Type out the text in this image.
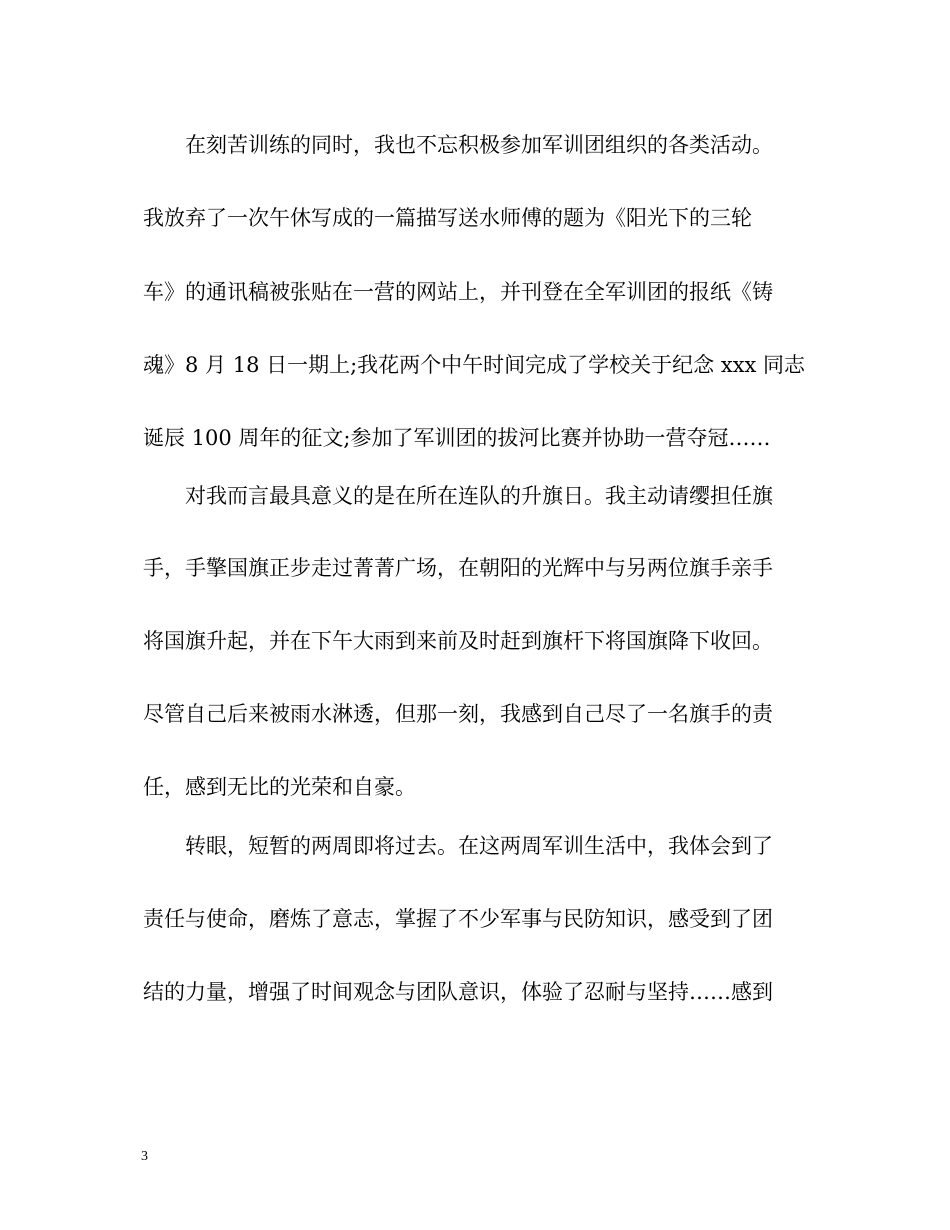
在刻苦训练的同时，我也不忘积极参加军训团组织的各类活动。
我放弃了一次午休写成的一篇描写送水师傅的题为《阳光下的三轮
车》的通讯稿被张贴在一营的网站上，并刊登在全军训团的报纸《铸
魂》8 月 18 日一期上;我花两个中午时间完成了学校关于纪念 xxx 同志
诞辰 100 周年的征文;参加了军训团的拔河比赛并协助一营夺冠……
对我而言最具意义的是在所在连队的升旗日。我主动请缨担任旗
手，手擎国旗正步走过菁菁广场，在朝阳的光辉中与另两位旗手亲手
将国旗升起，并在下午大雨到来前及时赶到旗杆下将国旗降下收回。
尽管自己后来被雨水淋透，但那一刻，我感到自己尽了一名旗手的责
任，感到无比的光荣和自豪。
转眼，短暂的两周即将过去。在这两周军训生活中，我体会到了
责任与使命，磨炼了意志，掌握了不少军事与民防知识，感受到了团
结的力量，增强了时间观念与团队意识，体验了忍耐与坚持……感到
3
